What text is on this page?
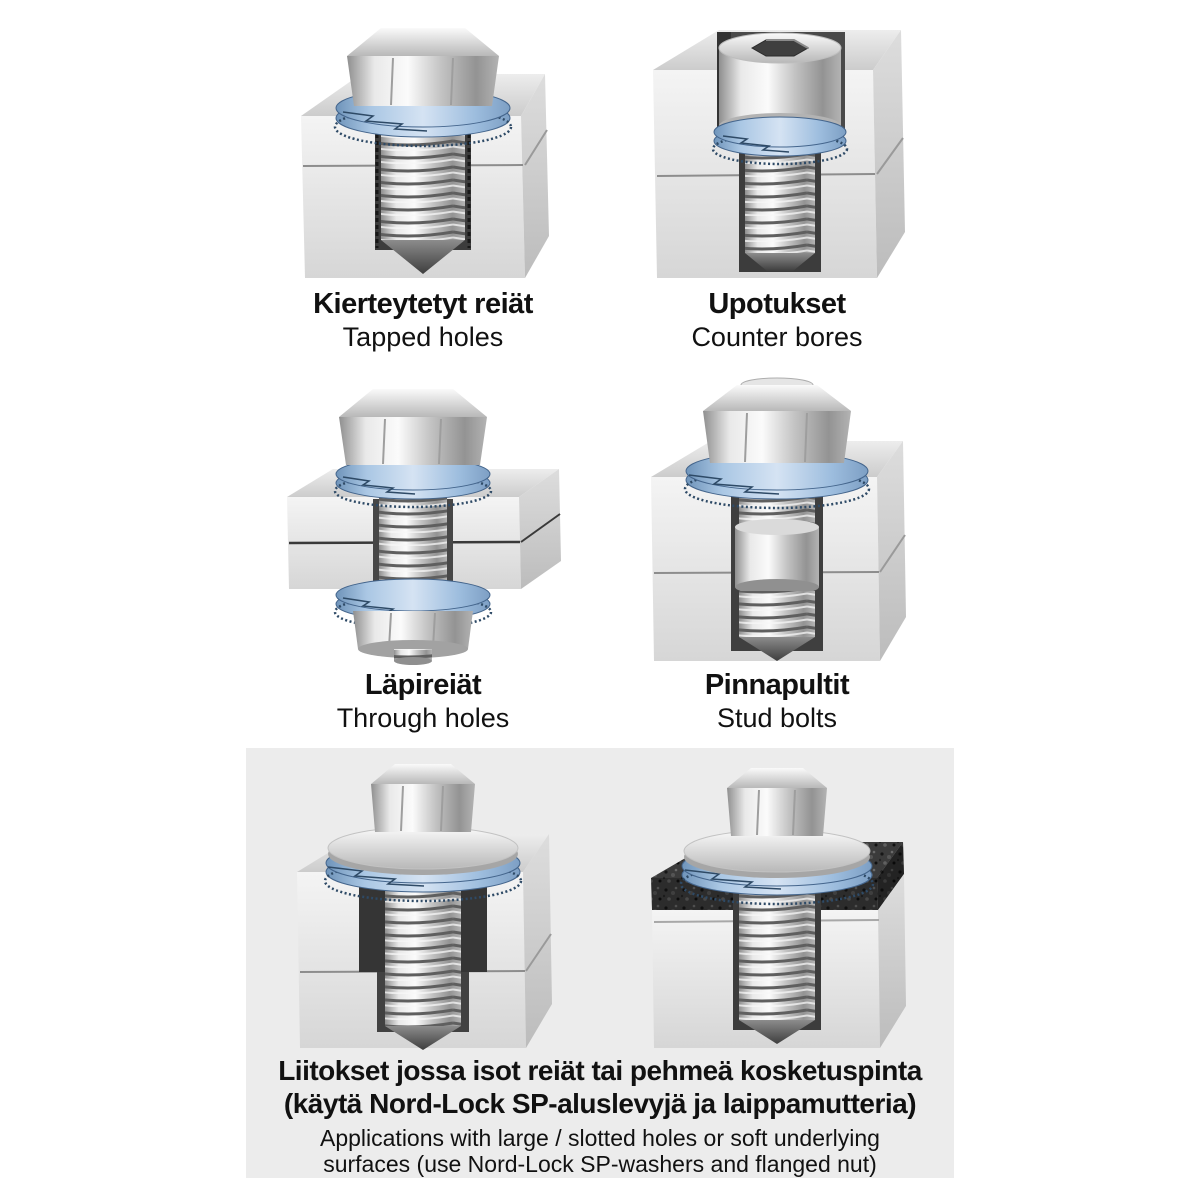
Kierteytetyt reiät
Tapped holes
Upotukset
Counter bores
Läpireiät
Through holes
Pinnapultit
Stud bolts
Liitokset jossa isot reiät tai pehmeä kosketuspinta
(käytä Nord-Lock SP-aluslevyjä ja laippamutteria)
Applications with large / slotted holes or soft underlying
surfaces (use Nord-Lock SP-washers and flanged nut)
